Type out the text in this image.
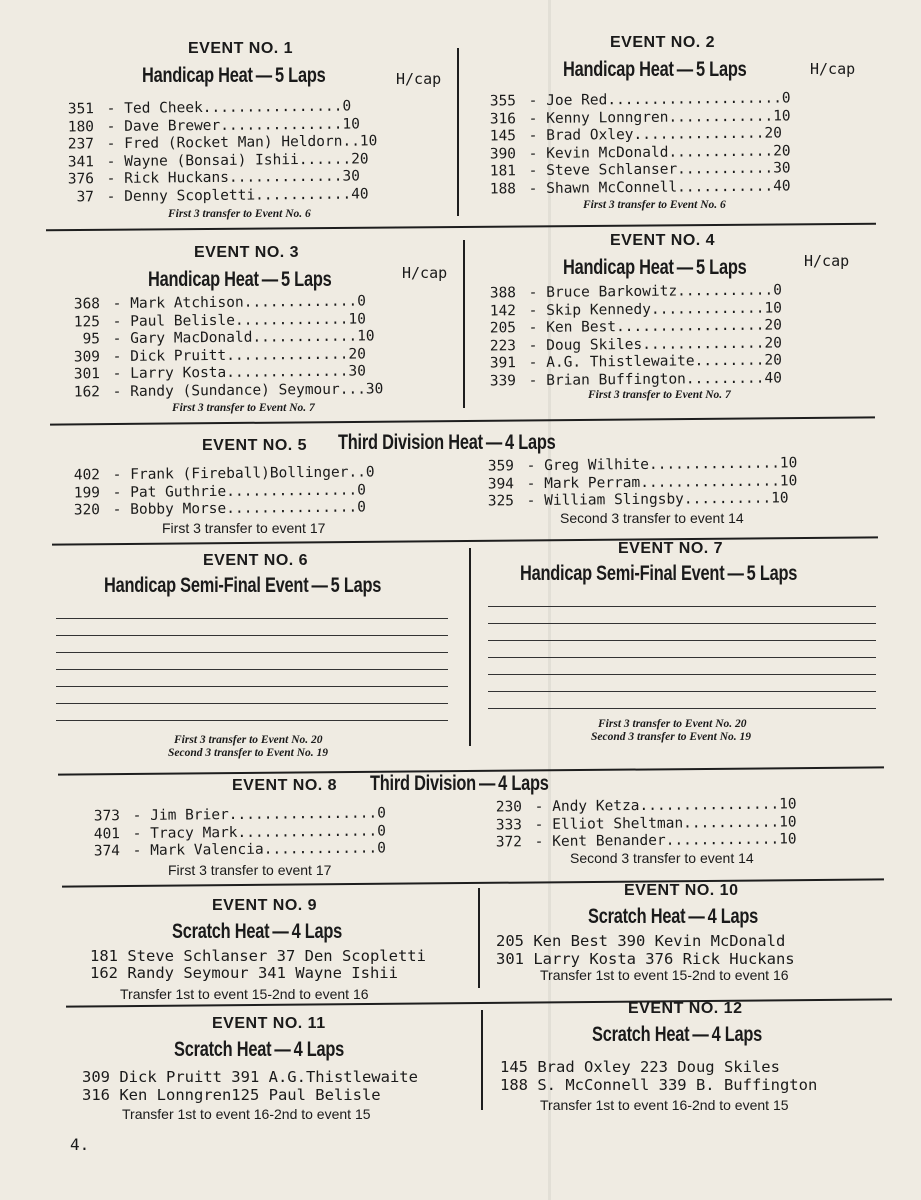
EVENT NO. 1
Handicap Heat — 5 Laps	H/cap
351 - Ted Cheek................0
180 - Dave Brewer..............10
237 - Fred (Rocket Man) Heldorn..10
341 - Wayne (Bonsai) Ishii......20
376 - Rick Huckans.............30
37 - Denny Scopletti...........40
First 3 transfer to Event No. 6
EVENT NO. 2
Handicap Heat — 5 Laps	H/cap
355 - Joe Red....................0
316 - Kenny Lonngren............10
145 - Brad Oxley...............20
390 - Kevin McDonald............20
181 - Steve Schlanser...........30
188 - Shawn McConnell...........40
First 3 transfer to Event No. 6
EVENT NO. 3
Handicap Heat — 5 Laps	H/cap
368 - Mark Atchison.............0
125 - Paul Belisle.............10
95 - Gary MacDonald............10
309 - Dick Pruitt..............20
301 - Larry Kosta..............30
162 - Randy (Sundance) Seymour...30
First 3 transfer to Event No. 7
EVENT NO. 4
Handicap Heat — 5 Laps	H/cap
388 - Bruce Barkowitz...........0
142 - Skip Kennedy.............10
205 - Ken Best.................20
223 - Doug Skiles..............20
391 - A.G. Thistlewaite........20
339 - Brian Buffington.........40
First 3 transfer to Event No. 7
EVENT NO. 5 Third Division Heat — 4 Laps
402 - Frank (Fireball)Bollinger..0
199 - Pat Guthrie...............0
320 - Bobby Morse...............0
359 - Greg Wilhite...............10
394 - Mark Perram................10
325 - William Slingsby..........10
First 3 transfer to event 17
Second 3 transfer to event 14
EVENT NO. 6
Handicap Semi-Final Event — 5 Laps
First 3 transfer to Event No. 20
Second 3 transfer to Event No. 19
EVENT NO. 7
Handicap Semi-Final Event — 5 Laps
First 3 transfer to Event No. 20
Second 3 transfer to Event No. 19
EVENT NO. 8 Third Division — 4 Laps
373 - Jim Brier.................0
401 - Tracy Mark................0
374 - Mark Valencia.............0
230 - Andy Ketza................10
333 - Elliot Sheltman...........10
372 - Kent Benander.............10
First 3 transfer to event 17
Second 3 transfer to event 14
EVENT NO. 9
Scratch Heat — 4 Laps
181 Steve Schlanser 37 Den Scopletti
162 Randy Seymour 341 Wayne Ishii
Transfer 1st to event 15-2nd to event 16
EVENT NO. 10
Scratch Heat — 4 Laps
205 Ken Best 390 Kevin McDonald
301 Larry Kosta 376 Rick Huckans
Transfer 1st to event 15-2nd to event 16
EVENT NO. 11
Scratch Heat — 4 Laps
309 Dick Pruitt 391 A.G.Thistlewaite
316 Ken Lonngren125 Paul Belisle
Transfer 1st to event 16-2nd to event 15
EVENT NO. 12
Scratch Heat — 4 Laps
145 Brad Oxley 223 Doug Skiles
188 S. McConnell 339 B. Buffington
Transfer 1st to event 16-2nd to event 15
4.
